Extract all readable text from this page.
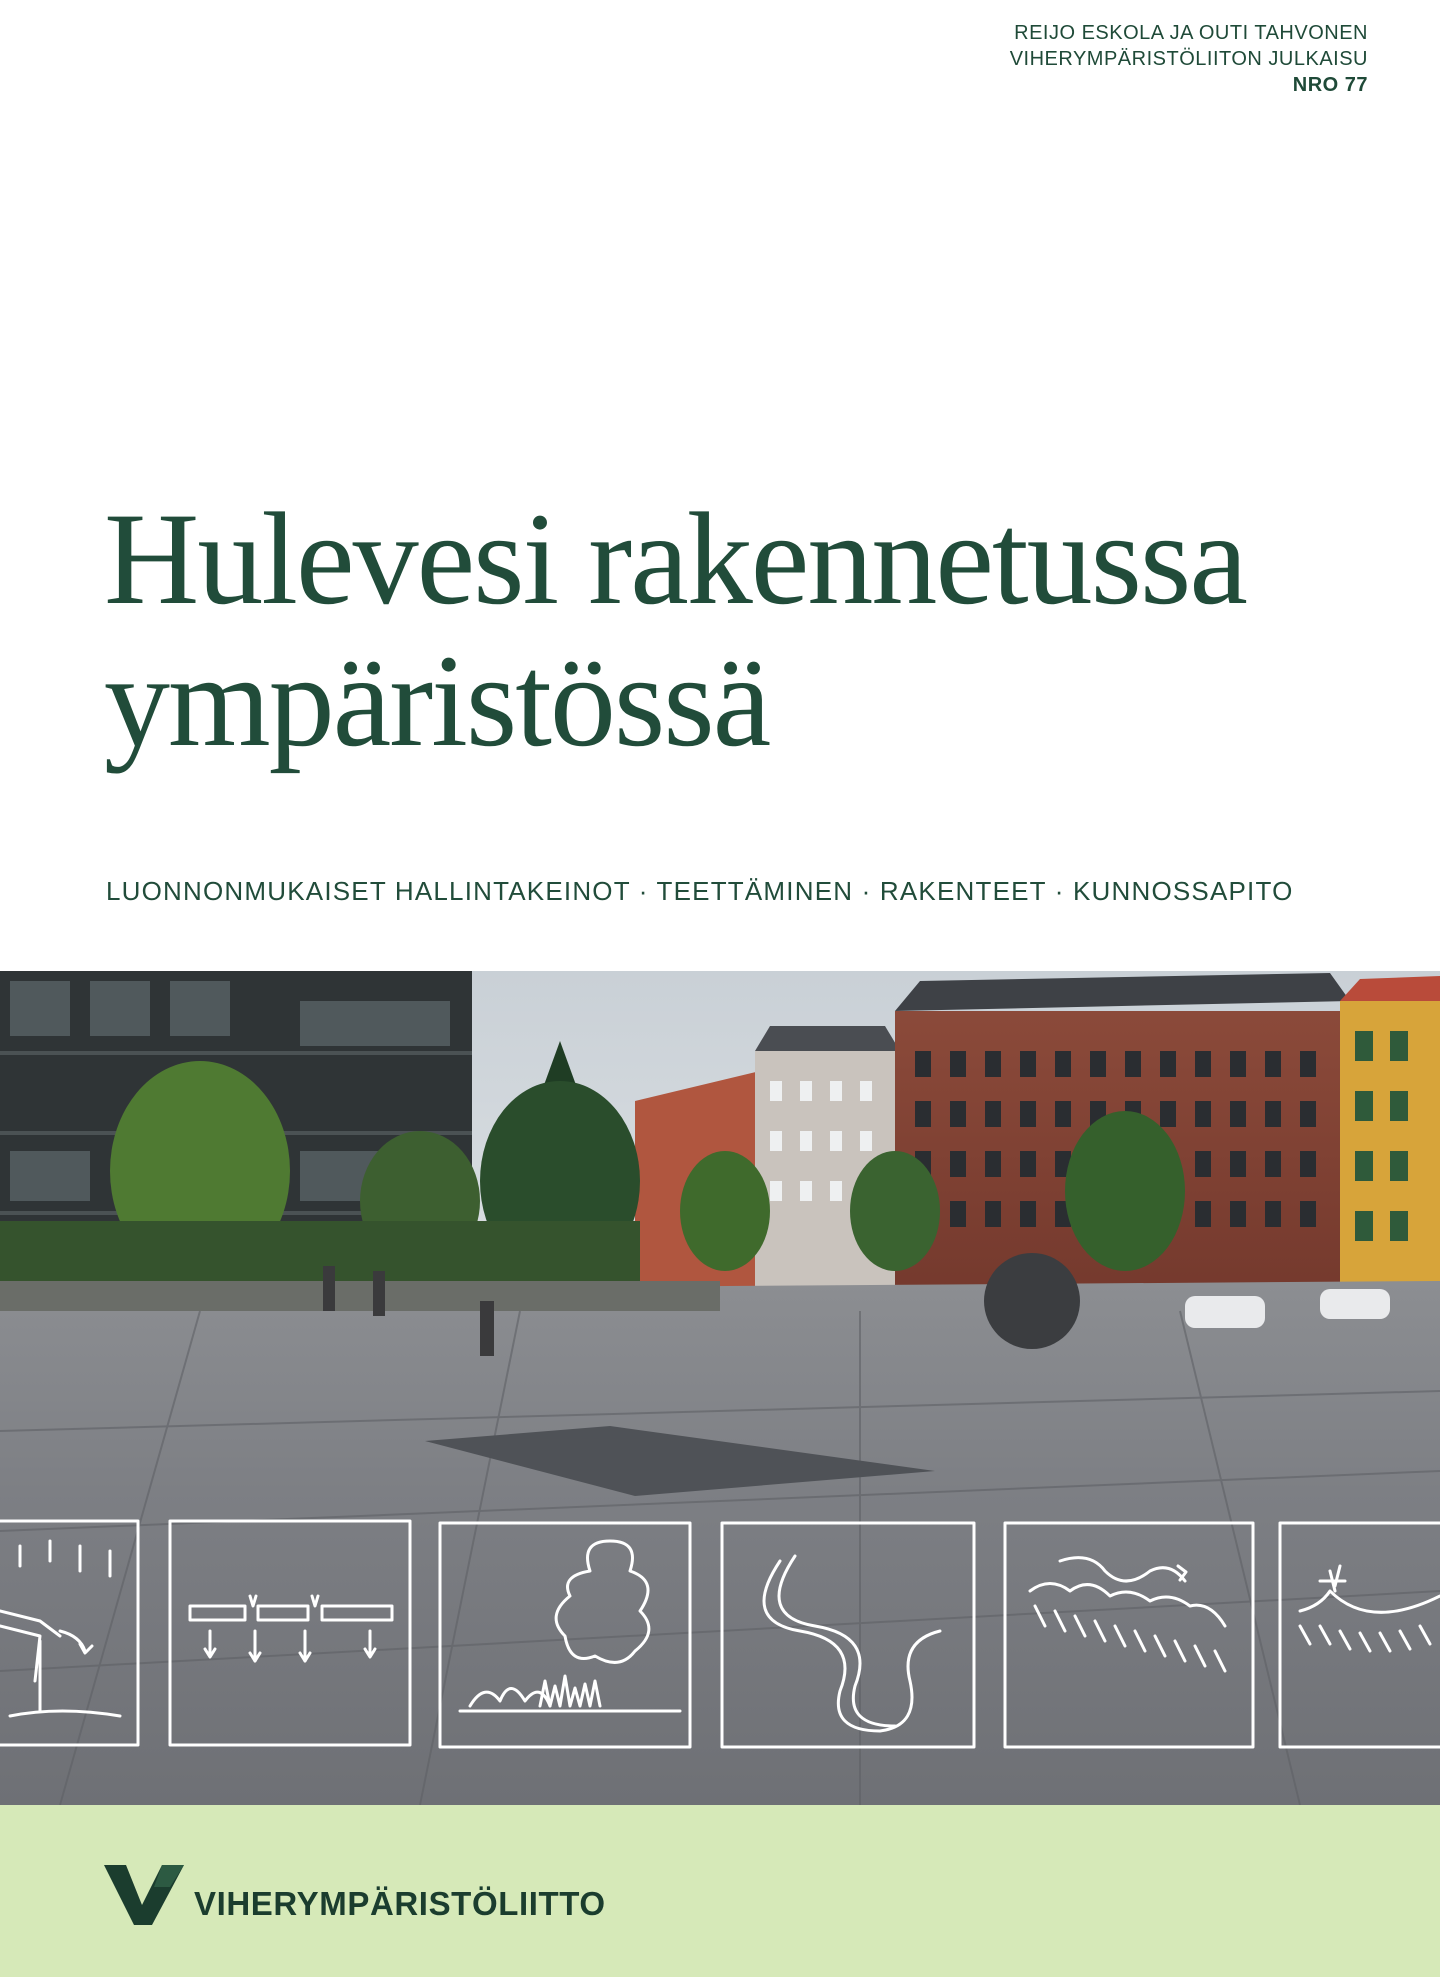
REIJO ESKOLA JA OUTI TAHVONEN
VIHERYMPÄRISTÖLIITON JULKAISU
NRO 77
Hulevesi rakennetussa
ympäristössä
LUONNONMUKAISET HALLINTAKEINOT · TEETTÄMINEN · RAKENTEET · KUNNOSSAPITO
VIHERYMPÄRISTÖLIITTO
